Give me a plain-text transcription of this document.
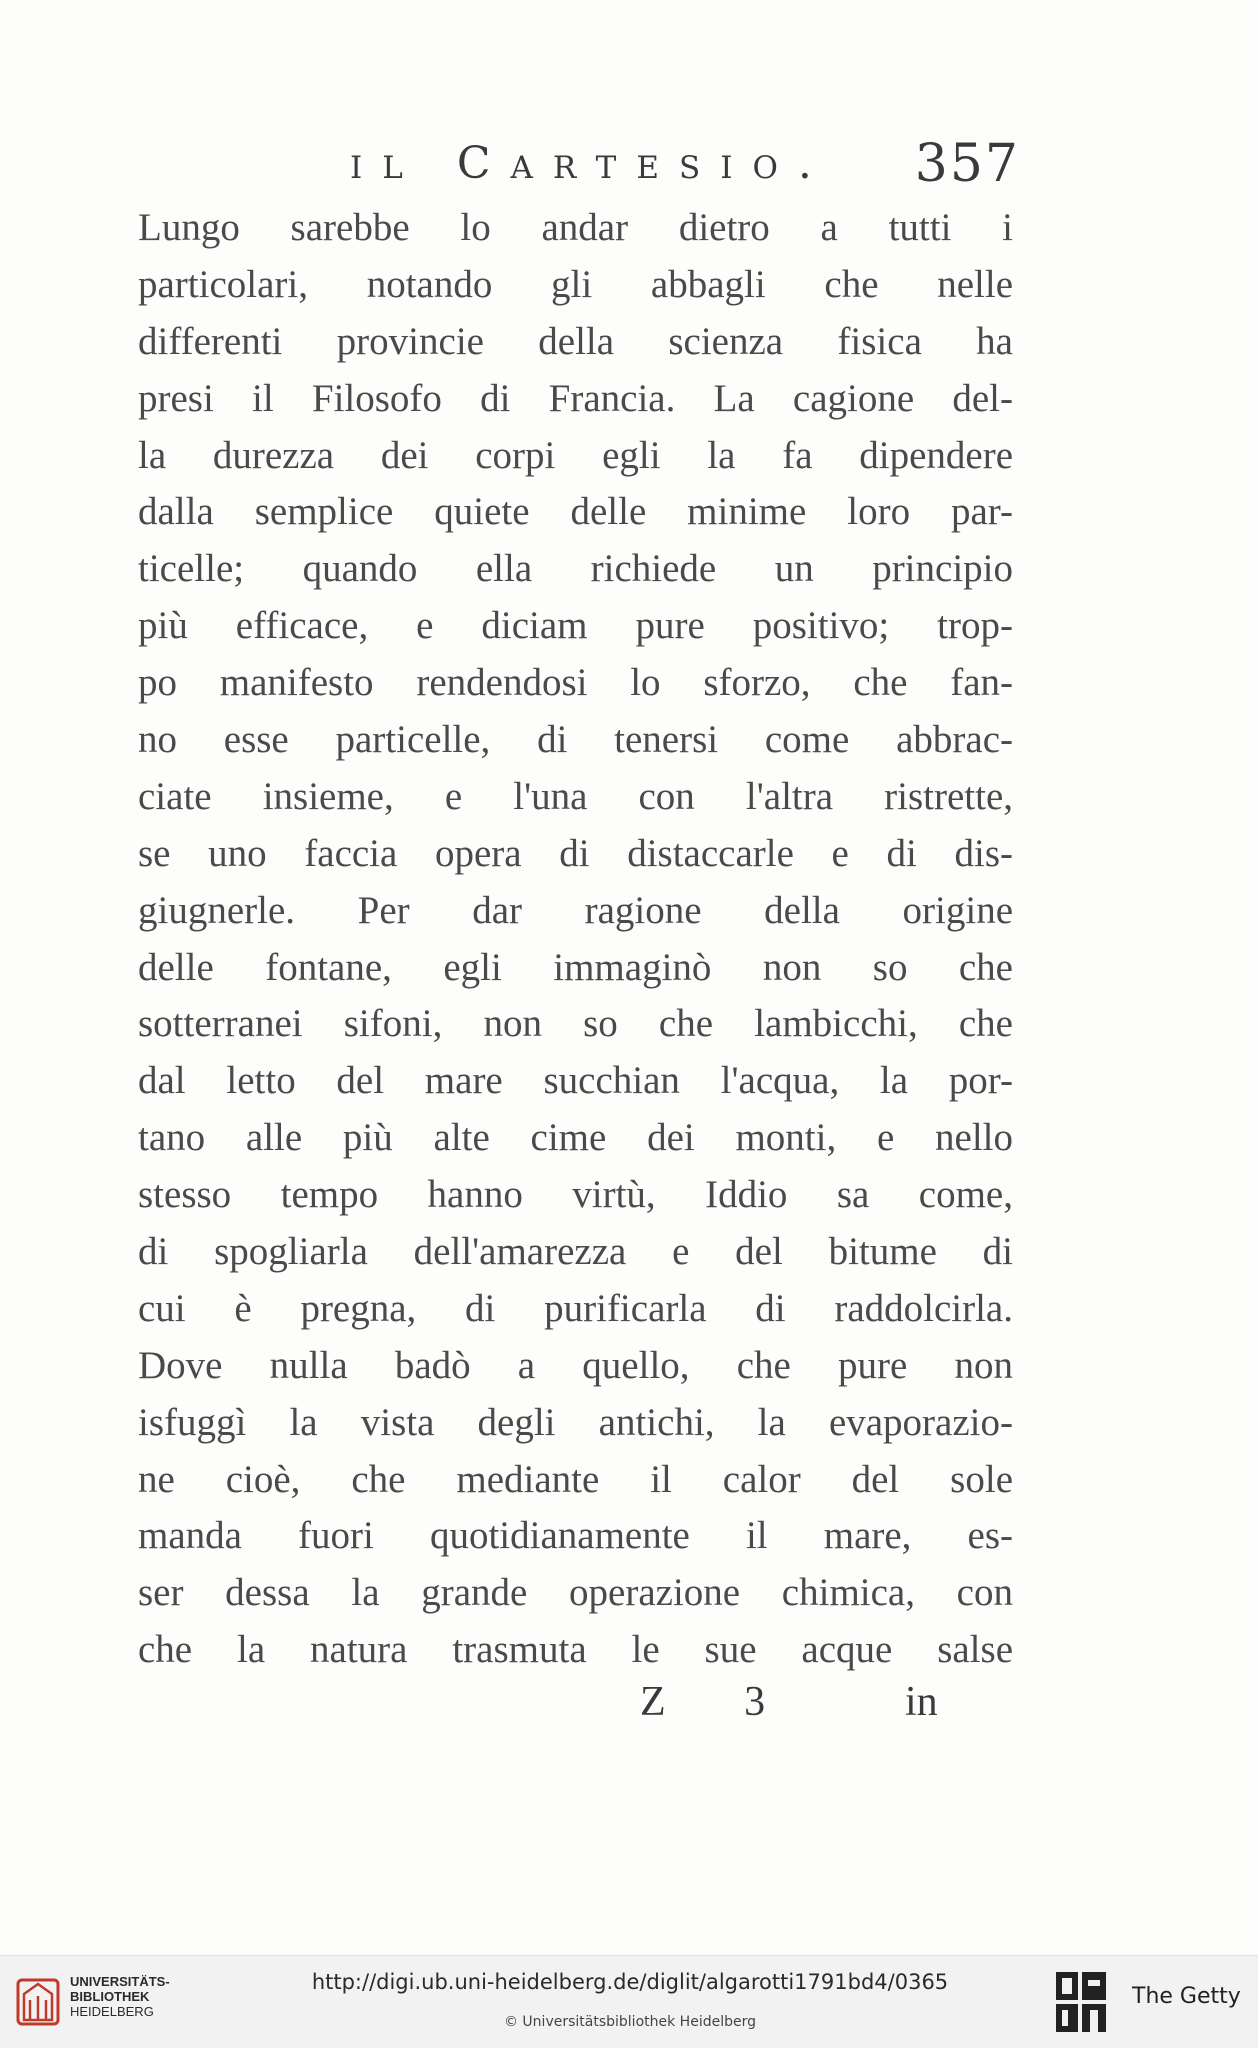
il Cartesio. 357
Lungo sarebbe lo andar dietro a tutti i
particolari, notando gli abbagli che nelle
differenti provincie della scienza fisica ha
presi il Filosofo di Francia. La cagione del-
la durezza dei corpi egli la fa dipendere
dalla semplice quiete delle minime loro par-
ticelle; quando ella richiede un principio
più efficace, e diciam pure positivo; trop-
po manifesto rendendosi lo sforzo, che fan-
no esse particelle, di tenersi come abbrac-
ciate insieme, e l'una con l'altra ristrette,
se uno faccia opera di distaccarle e di dis-
giugnerle. Per dar ragione della origine
delle fontane, egli immaginò non so che
sotterranei sifoni, non so che lambicchi, che
dal letto del mare succhian l'acqua, la por-
tano alle più alte cime dei monti, e nello
stesso tempo hanno virtù, Iddio sa come,
di spogliarla dell'amarezza e del bitume di
cui è pregna, di purificarla di raddolcirla.
Dove nulla badò a quello, che pure non
isfuggì la vista degli antichi, la evaporazio-
ne cioè, che mediante il calor del sole
manda fuori quotidianamente il mare, es-
ser dessa la grande operazione chimica, con
che la natura trasmuta le sue acque salse
Z 3	in
UNIVERSITÄTS-
BIBLIOTHEK
HEIDELBERG
http://digi.ub.uni-heidelberg.de/diglit/algarotti1791bd4/0365
© Universitätsbibliothek Heidelberg
The Getty
